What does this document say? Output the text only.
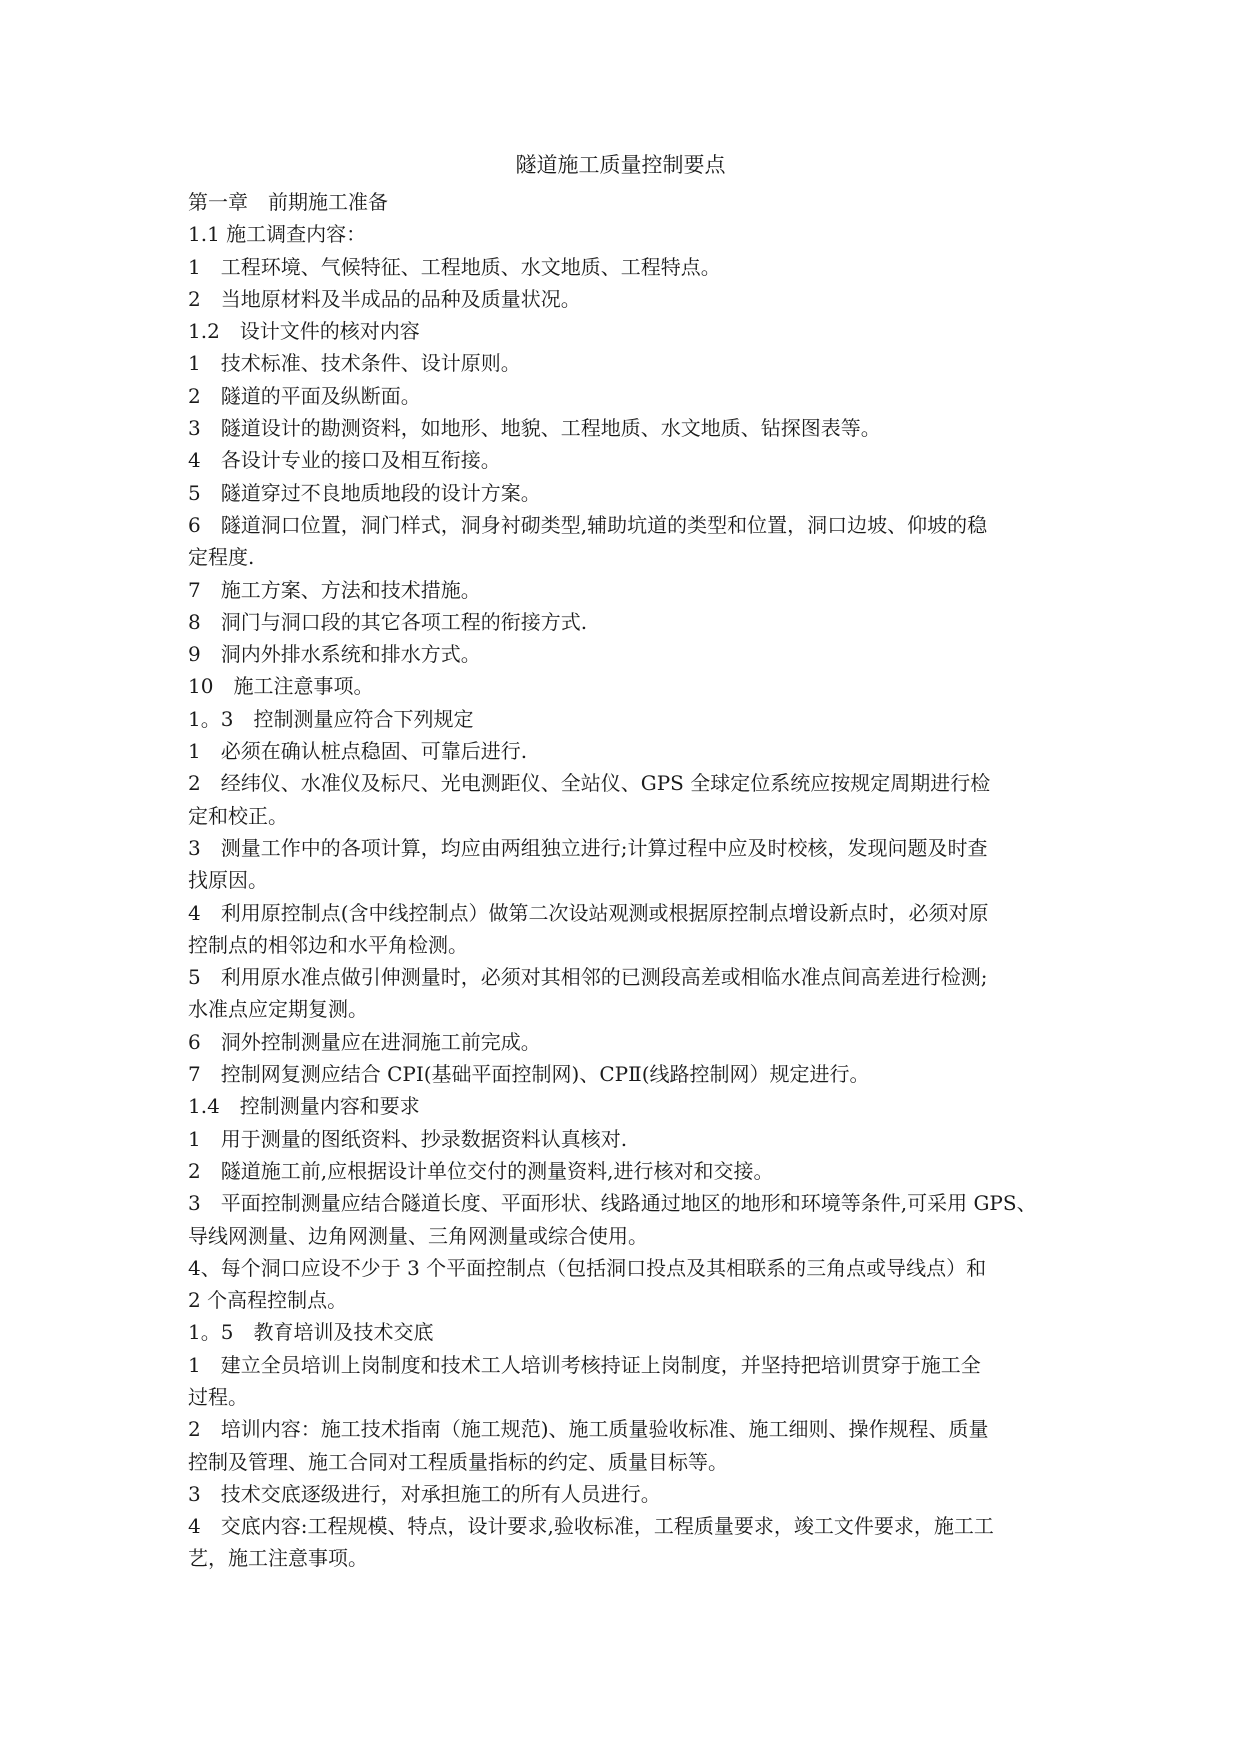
隧道施工质量控制要点
第一章　前期施工准备
1.1 施工调查内容：
1　工程环境、气候特征、工程地质、水文地质、工程特点。
2　当地原材料及半成品的品种及质量状况。
1.2　设计文件的核对内容
1　技术标准、技术条件、设计原则。
2　隧道的平面及纵断面。
3　隧道设计的勘测资料，如地形、地貌、工程地质、水文地质、钻探图表等。
4　各设计专业的接口及相互衔接。
5　隧道穿过不良地质地段的设计方案。
6　隧道洞口位置，洞门样式，洞身衬砌类型,辅助坑道的类型和位置，洞口边坡、仰坡的稳
定程度.
7　施工方案、方法和技术措施。
8　洞门与洞口段的其它各项工程的衔接方式.
9　洞内外排水系统和排水方式。
10　施工注意事项。
1。3　控制测量应符合下列规定
1　必须在确认桩点稳固、可靠后进行.
2　经纬仪、水准仪及标尺、光电测距仪、全站仪、GPS 全球定位系统应按规定周期进行检
定和校正。
3　测量工作中的各项计算，均应由两组独立进行;计算过程中应及时校核，发现问题及时查
找原因。
4　利用原控制点(含中线控制点）做第二次设站观测或根据原控制点增设新点时，必须对原
控制点的相邻边和水平角检测。
5　利用原水准点做引伸测量时，必须对其相邻的已测段高差或相临水准点间高差进行检测;
水准点应定期复测。
6　洞外控制测量应在进洞施工前完成。
7　控制网复测应结合 CPⅠ(基础平面控制网)、CPⅡ(线路控制网）规定进行。
1.4　控制测量内容和要求
1　用于测量的图纸资料、抄录数据资料认真核对.
2　隧道施工前,应根据设计单位交付的测量资料,进行核对和交接。
3　平面控制测量应结合隧道长度、平面形状、线路通过地区的地形和环境等条件,可采用 GPS、
导线网测量、边角网测量、三角网测量或综合使用。
4、每个洞口应设不少于 3 个平面控制点（包括洞口投点及其相联系的三角点或导线点）和
2 个高程控制点。
1。5　教育培训及技术交底
1　建立全员培训上岗制度和技术工人培训考核持证上岗制度，并坚持把培训贯穿于施工全
过程。
2　培训内容：施工技术指南（施工规范)、施工质量验收标准、施工细则、操作规程、质量
控制及管理、施工合同对工程质量指标的约定、质量目标等。
3　技术交底逐级进行，对承担施工的所有人员进行。
4　交底内容:工程规模、特点，设计要求,验收标准，工程质量要求，竣工文件要求，施工工
艺，施工注意事项。
